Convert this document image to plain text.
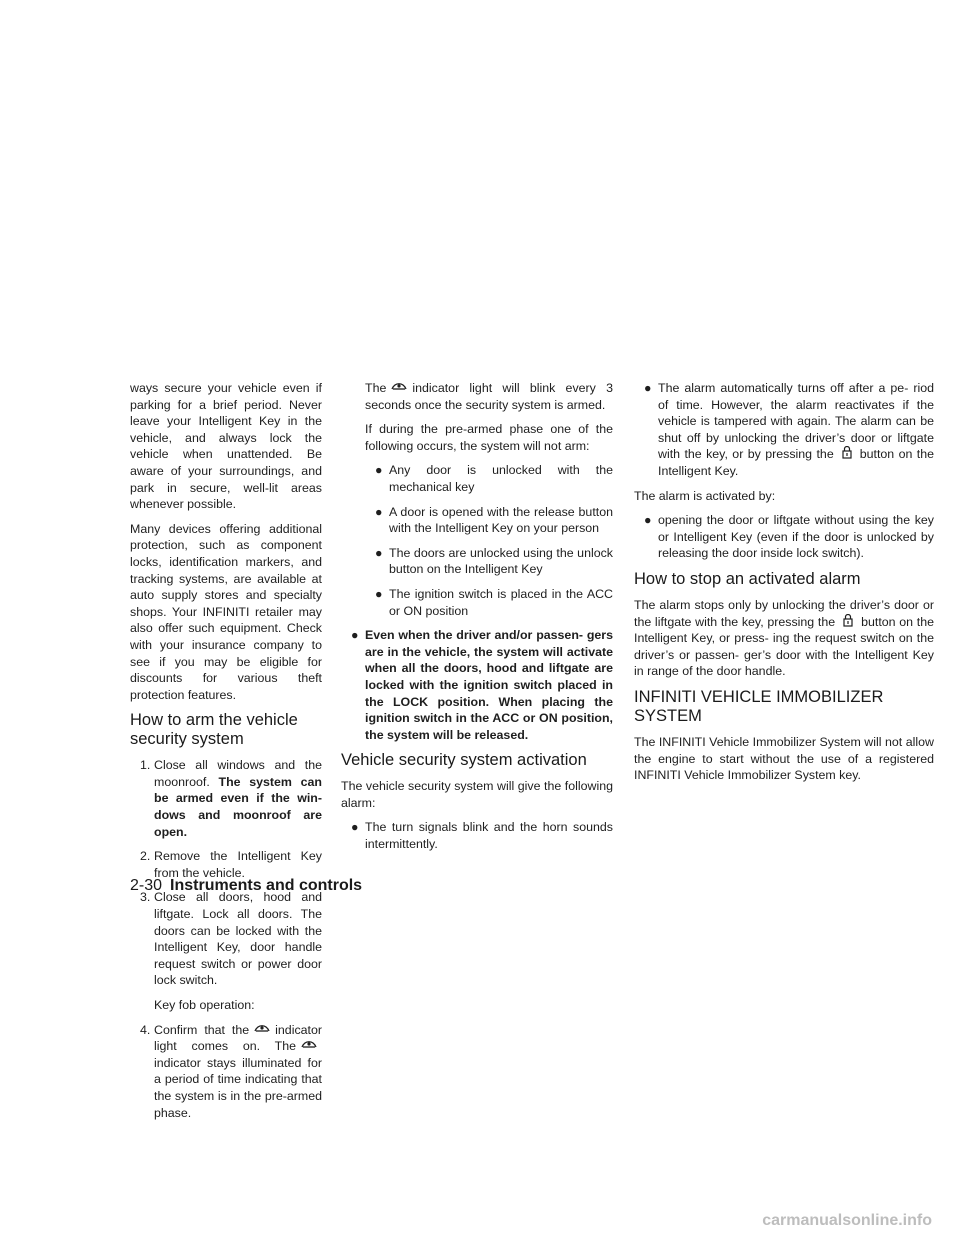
ways secure your vehicle even if parking for a brief period. Never leave your Intelligent Key in the vehicle, and always lock the vehicle when unattended. Be aware of your surroundings, and park in secure, well-lit areas whenever possible.

Many devices offering additional protection, such as component locks, identification markers, and tracking systems, are available at auto supply stores and specialty shops. Your INFINITI retailer may also offer such equipment. Check with your insurance company to see if you may be eligible for discounts for various theft protection features.

How to arm the vehicle security system
1. Close all windows and the moonroof. The system can be armed even if the win- dows and moonroof are open.
2. Remove the Intelligent Key from the vehicle.
3. Close all doors, hood and liftgate. Lock all doors. The doors can be locked with the Intelligent Key, door handle request switch or power door lock switch.

Key fob operation:

4. Confirm that the indicator light comes on. Theindicator stays illuminated for a period of time indicating that the system is in the pre-armed phase.

The indicator light will blink every 3 seconds once the security system is armed.

If during the pre-armed phase one of the following occurs, the system will not arm:

● Any door is unlocked with the mechanical key
● A door is opened with the release button with the Intelligent Key on your person
● The doors are unlocked using the unlock button on the Intelligent Key
● The ignition switch is placed in the ACC or ON position
● Even when the driver and/or passen- gers are in the vehicle, the system will activate when all the doors, hood and liftgate are locked with the ignition switch placed in the LOCK position. When placing the ignition switch in the ACC or ON position, the system will be released.
Vehicle security system activation

The vehicle security system will give the following alarm:

● The turn signals blink and the horn sounds intermittently.
● The alarm automatically turns off after a pe- riod of time. However, the alarm reactivates if the vehicle is tampered with again. The alarm can be shut off by unlocking the driver’s door or liftgate with the key, or by pressing the button on the Intelligent Key.

The alarm is activated by:

● opening the door or liftgate without using the key or Intelligent Key (even if the door is unlocked by releasing the door inside lock switch).
How to stop an activated alarm

The alarm stops only by unlocking the driver’s door or the liftgate with the key, pressing the button on the Intelligent Key, or press- ing the request switch on the driver’s or passen- ger’s door with the Intelligent Key in range of the door handle.

INFINITI VEHICLE IMMOBILIZER SYSTEM

The INFINITI Vehicle Immobilizer System will not allow the engine to start without the use of a registered INFINITI Vehicle Immobilizer System key.

2-30 Instruments and controls
carmanualsonline.info
